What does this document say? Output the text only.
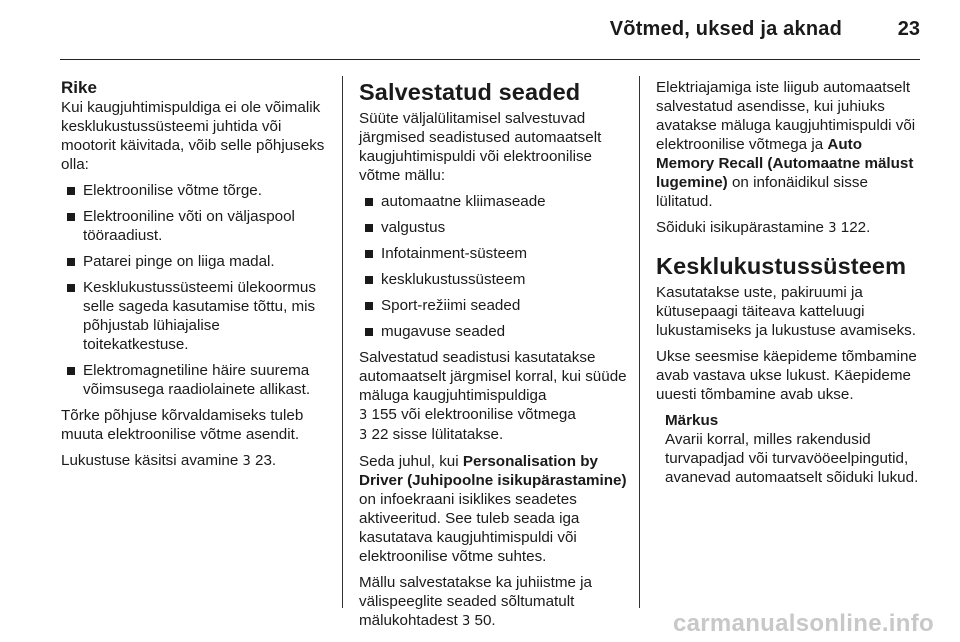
Võtmed, uksed ja aknad	23
Rike

Kui kaugjuhtimispuldiga ei ole võimalik kesklukustussüsteemi juhtida või mootorit käivitada, võib selle põhjuseks olla:

Elektroonilise võtme tõrge.
Elektrooniline võti on väljaspool tööraadiust.
Patarei pinge on liiga madal.
Kesklukustussüsteemi ülekoormus selle sageda kasutamise tõttu, mis põhjustab lühiajalise toitekatkestuse.
Elektromagnetiline häire suurema võimsusega raadiolainete allikast.

Tõrke põhjuse kõrvaldamiseks tuleb muuta elektroonilise võtme asendit.

Lukustuse käsitsi avamine 3 23.

Salvestatud seaded

Süüte väljalülitamisel salvestuvad järgmised seadistused automaatselt kaugjuhtimispuldi või elektroonilise võtme mällu:

automaatne kliimaseade
valgustus
Infotainment-süsteem
kesklukustussüsteem
Sport-režiimi seaded
mugavuse seaded

Salvestatud seadistusi kasutatakse automaatselt järgmisel korral, kui süüde mäluga kaugjuhtimispuldiga
3 155 või elektroonilise võtmega
3 22 sisse lülitatakse.

Seda juhul, kui Personalisation by Driver (Juhipoolne isikupärastamine) on infoekraani isiklikes seadetes aktiveeritud. See tuleb seada iga kasutatava kaugjuhtimispuldi või elektroonilise võtme suhtes.

Mällu salvestatakse ka juhiistme ja välispeeglite seaded sõltumatult mälukohtadest 3 50.

Elektriajamiga iste liigub automaatselt salvestatud asendisse, kui juhiuks avatakse mäluga kaugjuhtimispuldi või elektroonilise võtmega ja Auto Memory Recall (Automaatne mälust lugemine) on infonäidikul sisse lülitatud.

Sõiduki isikupärastamine 3 122.

Kesklukustussüsteem

Kasutatakse uste, pakiruumi ja kütusepaagi täiteava katteluugi lukustamiseks ja lukustuse avamiseks.

Ukse seesmise käepideme tõmbamine avab vastava ukse lukust. Käepideme uuesti tõmbamine avab ukse.

Märkus

Avarii korral, milles rakendusid turvapadjad või turvavööeelpingutid, avanevad automaatselt sõiduki lukud.

carmanualsonline.info
